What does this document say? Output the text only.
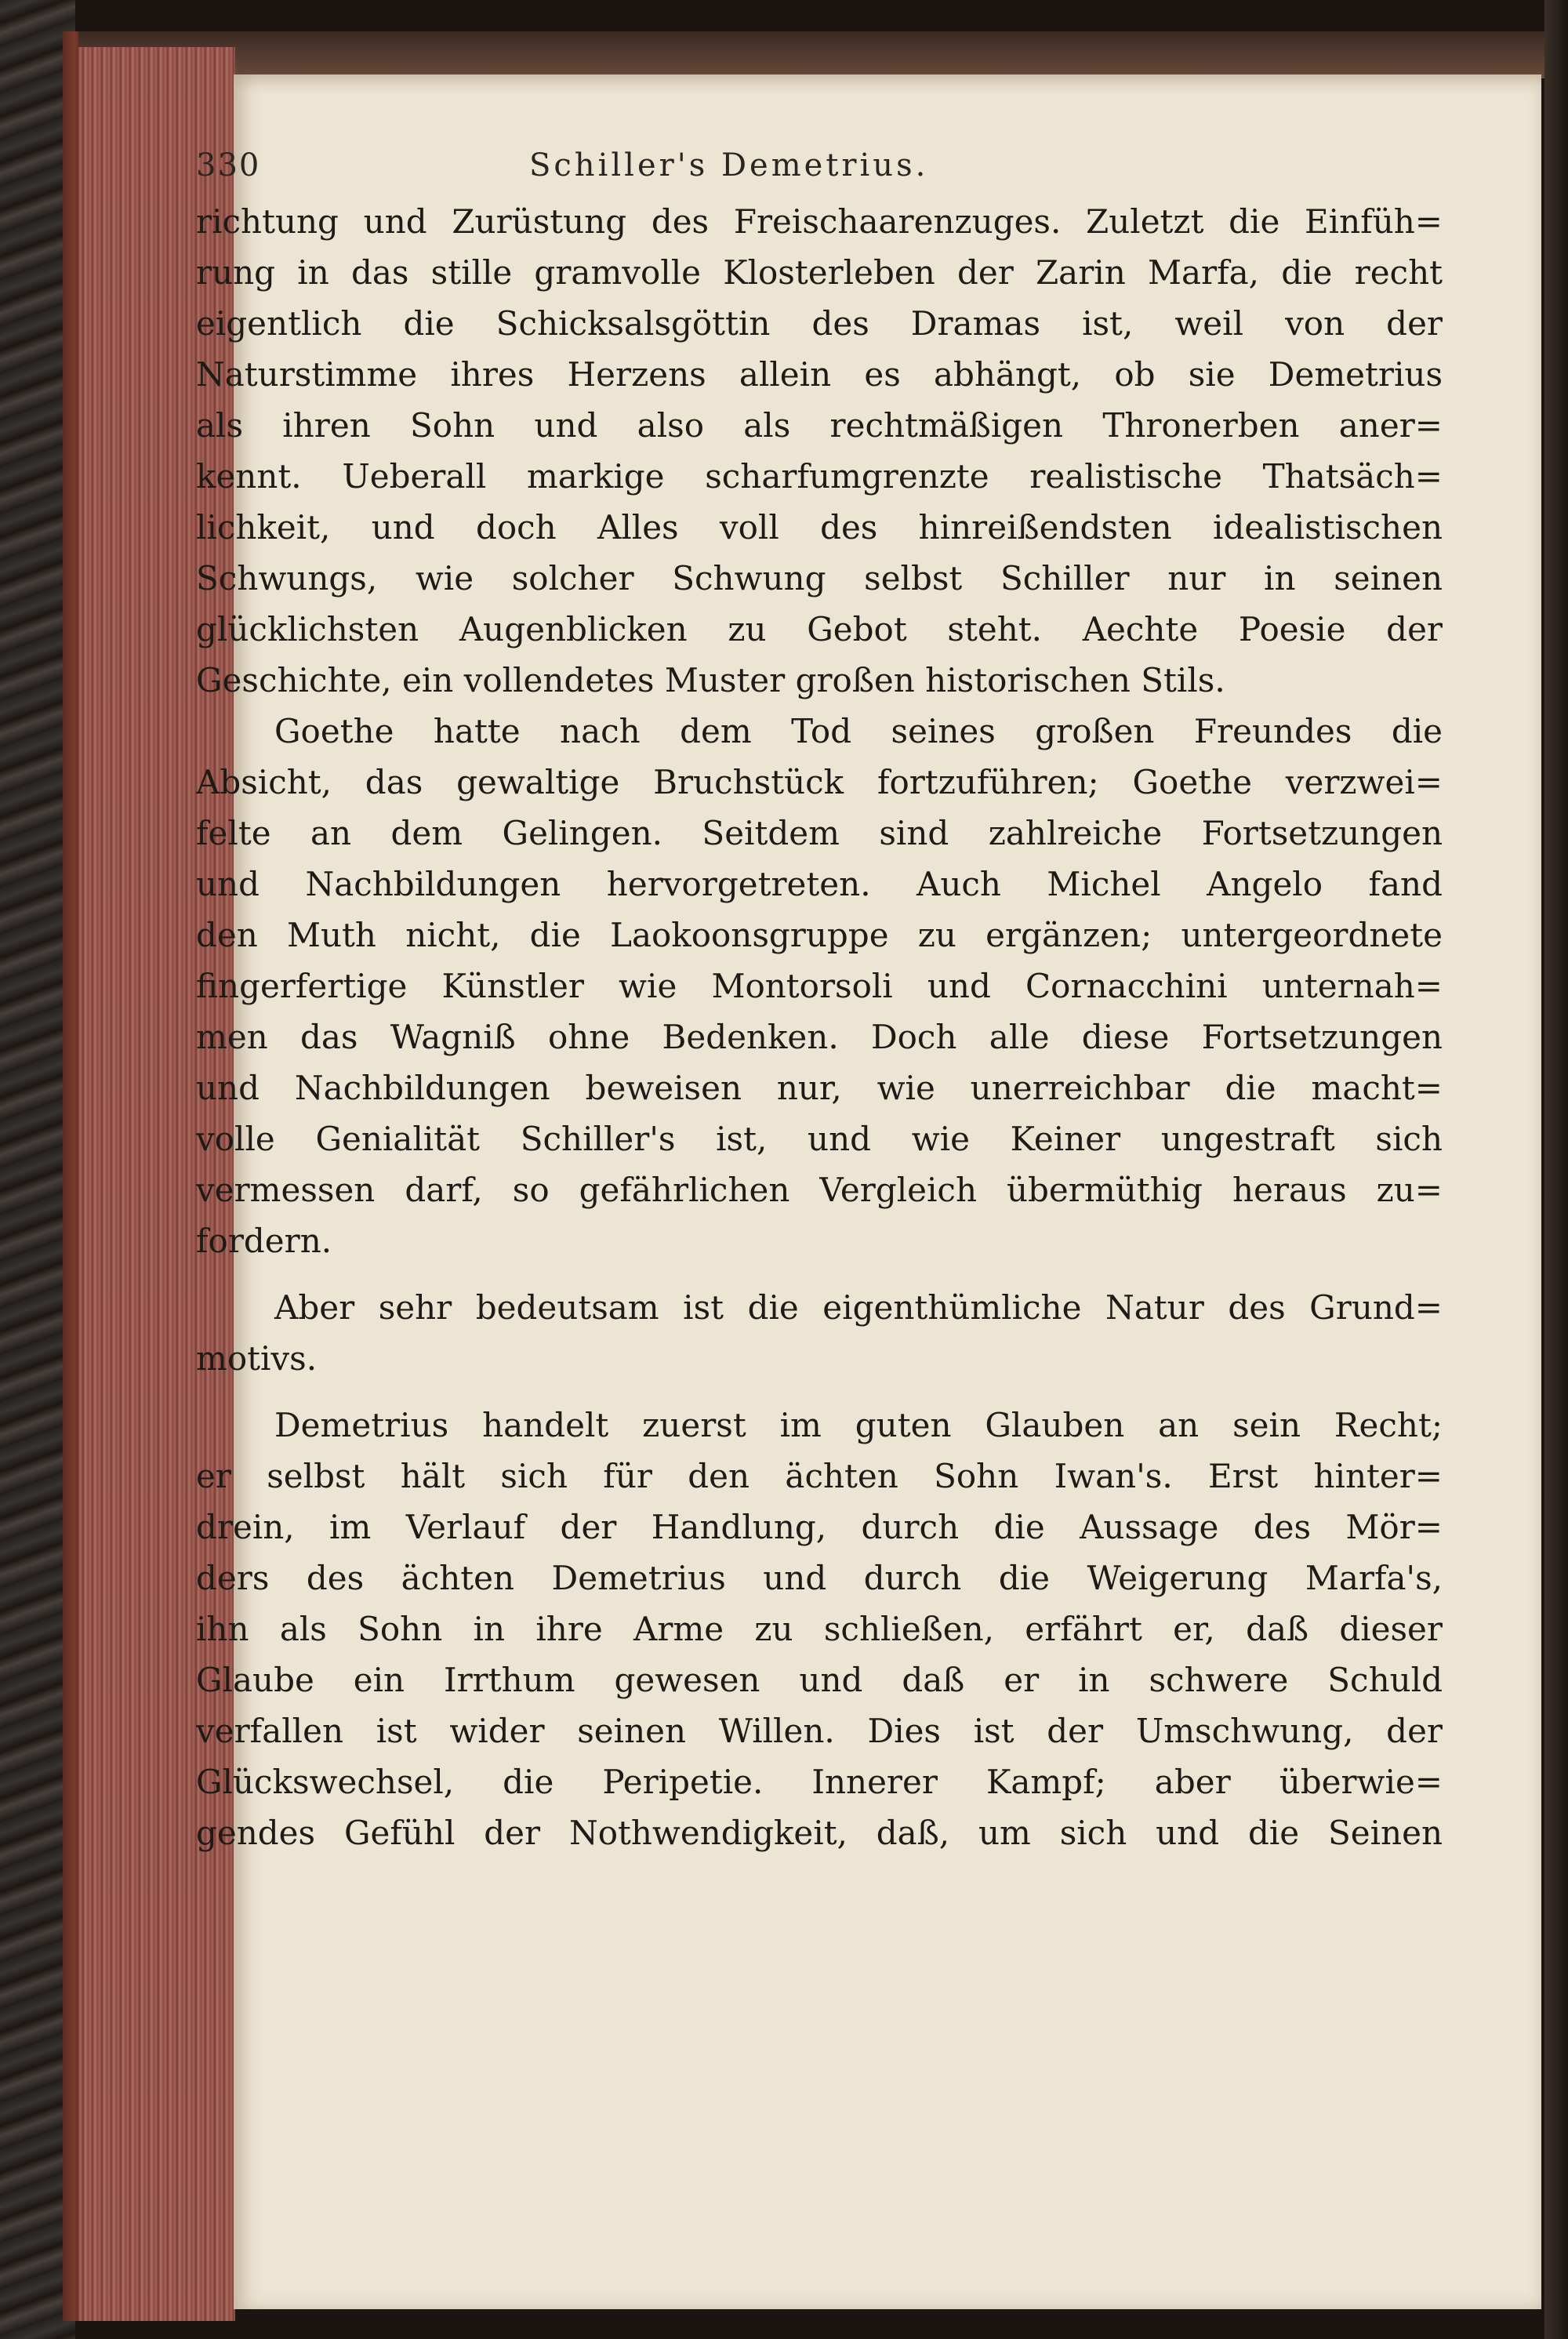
330	Schiller's Demetrius.
richtung und Zurüstung des Freischaarenzuges. Zuletzt die Einfüh=
rung in das stille gramvolle Klosterleben der Zarin Marfa, die recht
eigentlich die Schicksalsgöttin des Dramas ist, weil von der
Naturstimme ihres Herzens allein es abhängt, ob sie Demetrius
als ihren Sohn und also als rechtmäßigen Thronerben aner=
kennt. Ueberall markige scharfumgrenzte realistische Thatsäch=
lichkeit, und doch Alles voll des hinreißendsten idealistischen
Schwungs, wie solcher Schwung selbst Schiller nur in seinen
glücklichsten Augenblicken zu Gebot steht. Aechte Poesie der
Geschichte, ein vollendetes Muster großen historischen Stils.
Goethe hatte nach dem Tod seines großen Freundes die
Absicht, das gewaltige Bruchstück fortzuführen; Goethe verzwei=
felte an dem Gelingen. Seitdem sind zahlreiche Fortsetzungen
und Nachbildungen hervorgetreten. Auch Michel Angelo fand
den Muth nicht, die Laokoonsgruppe zu ergänzen; untergeordnete
fingerfertige Künstler wie Montorsoli und Cornacchini unternah=
men das Wagniß ohne Bedenken. Doch alle diese Fortsetzungen
und Nachbildungen beweisen nur, wie unerreichbar die macht=
volle Genialität Schiller's ist, und wie Keiner ungestraft sich
vermessen darf, so gefährlichen Vergleich übermüthig heraus zu=
fordern.
Aber sehr bedeutsam ist die eigenthümliche Natur des Grund=
motivs.
Demetrius handelt zuerst im guten Glauben an sein Recht;
er selbst hält sich für den ächten Sohn Iwan's. Erst hinter=
drein, im Verlauf der Handlung, durch die Aussage des Mör=
ders des ächten Demetrius und durch die Weigerung Marfa's,
ihn als Sohn in ihre Arme zu schließen, erfährt er, daß dieser
Glaube ein Irrthum gewesen und daß er in schwere Schuld
verfallen ist wider seinen Willen. Dies ist der Umschwung, der
Glückswechsel, die Peripetie. Innerer Kampf; aber überwie=
gendes Gefühl der Nothwendigkeit, daß, um sich und die Seinen
